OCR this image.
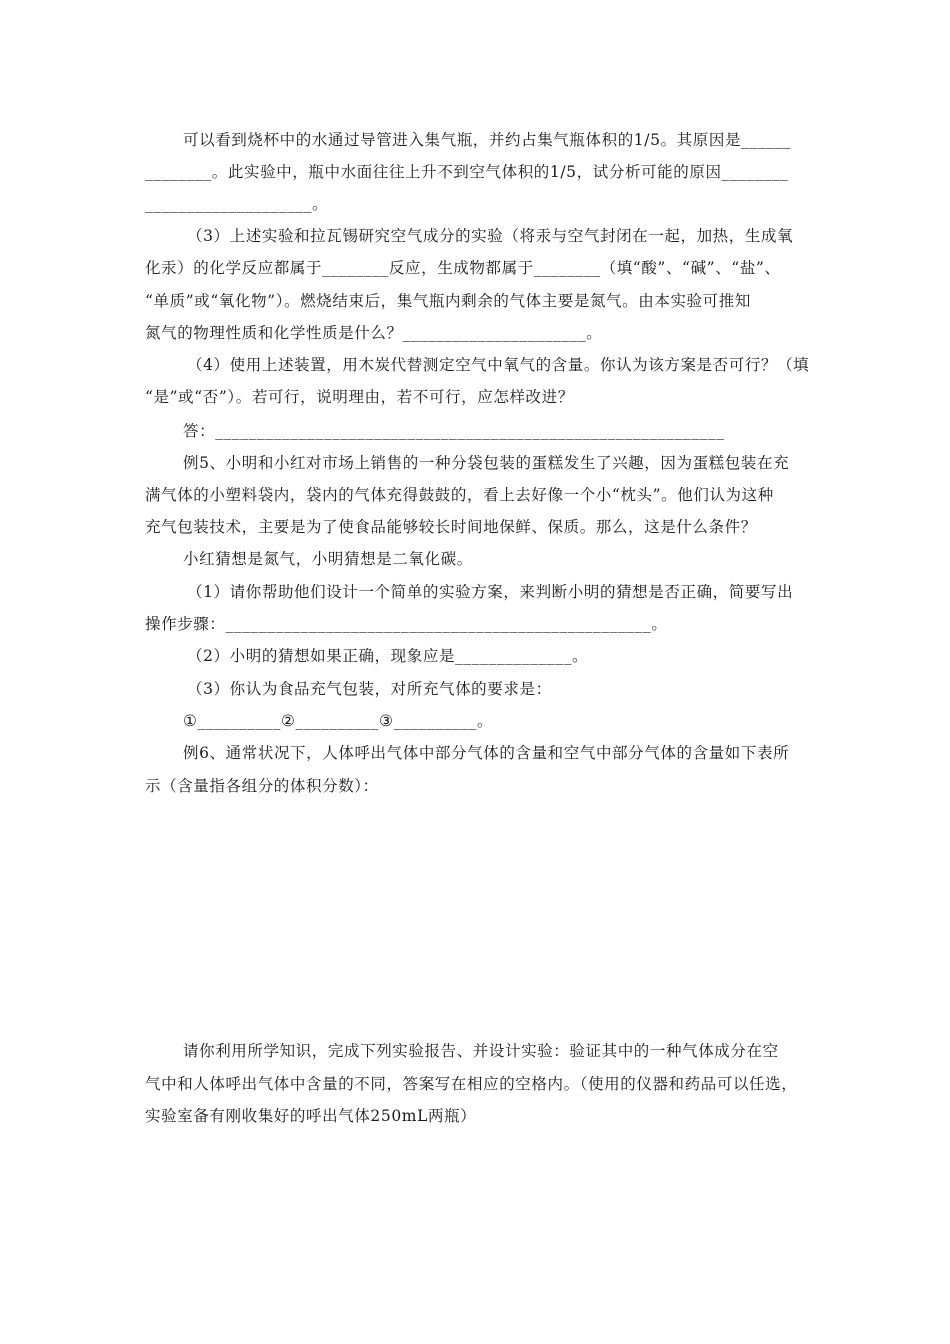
可以看到烧杯中的水通过导管进入集气瓶，并约占集气瓶体积的1/5。其原因是______
________。此实验中，瓶中水面往往上升不到空气体积的1/5，试分析可能的原因________
____________________。
（3）上述实验和拉瓦锡研究空气成分的实验（将汞与空气封闭在一起，加热，生成氧
化汞）的化学反应都属于________反应，生成物都属于________（填“酸”、“碱”、“盐”、
“单质”或“氧化物”）。燃烧结束后，集气瓶内剩余的气体主要是氮气。由本实验可推知
氮气的物理性质和化学性质是什么？______________________。
（4）使用上述装置，用木炭代替测定空气中氧气的含量。你认为该方案是否可行？（填
“是”或“否”）。若可行，说明理由，若不可行，应怎样改进？
答：_____________________________________________________________
例5、小明和小红对市场上销售的一种分袋包装的蛋糕发生了兴趣，因为蛋糕包装在充
满气体的小塑料袋内，袋内的气体充得鼓鼓的，看上去好像一个小“枕头”。他们认为这种
充气包装技术，主要是为了使食品能够较长时间地保鲜、保质。那么，这是什么条件？
小红猜想是氮气，小明猜想是二氧化碳。
（1）请你帮助他们设计一个简单的实验方案，来判断小明的猜想是否正确，简要写出
操作步骤：___________________________________________________。
（2）小明的猜想如果正确，现象应是______________。
（3）你认为食品充气包装，对所充气体的要求是：
①__________②__________③__________。
例6、通常状况下，人体呼出气体中部分气体的含量和空气中部分气体的含量如下表所
示（含量指各组分的体积分数）：
请你利用所学知识，完成下列实验报告、并设计实验：验证其中的一种气体成分在空
气中和人体呼出气体中含量的不同，答案写在相应的空格内。（使用的仪器和药品可以任选，
实验室备有刚收集好的呼出气体250mL两瓶）
